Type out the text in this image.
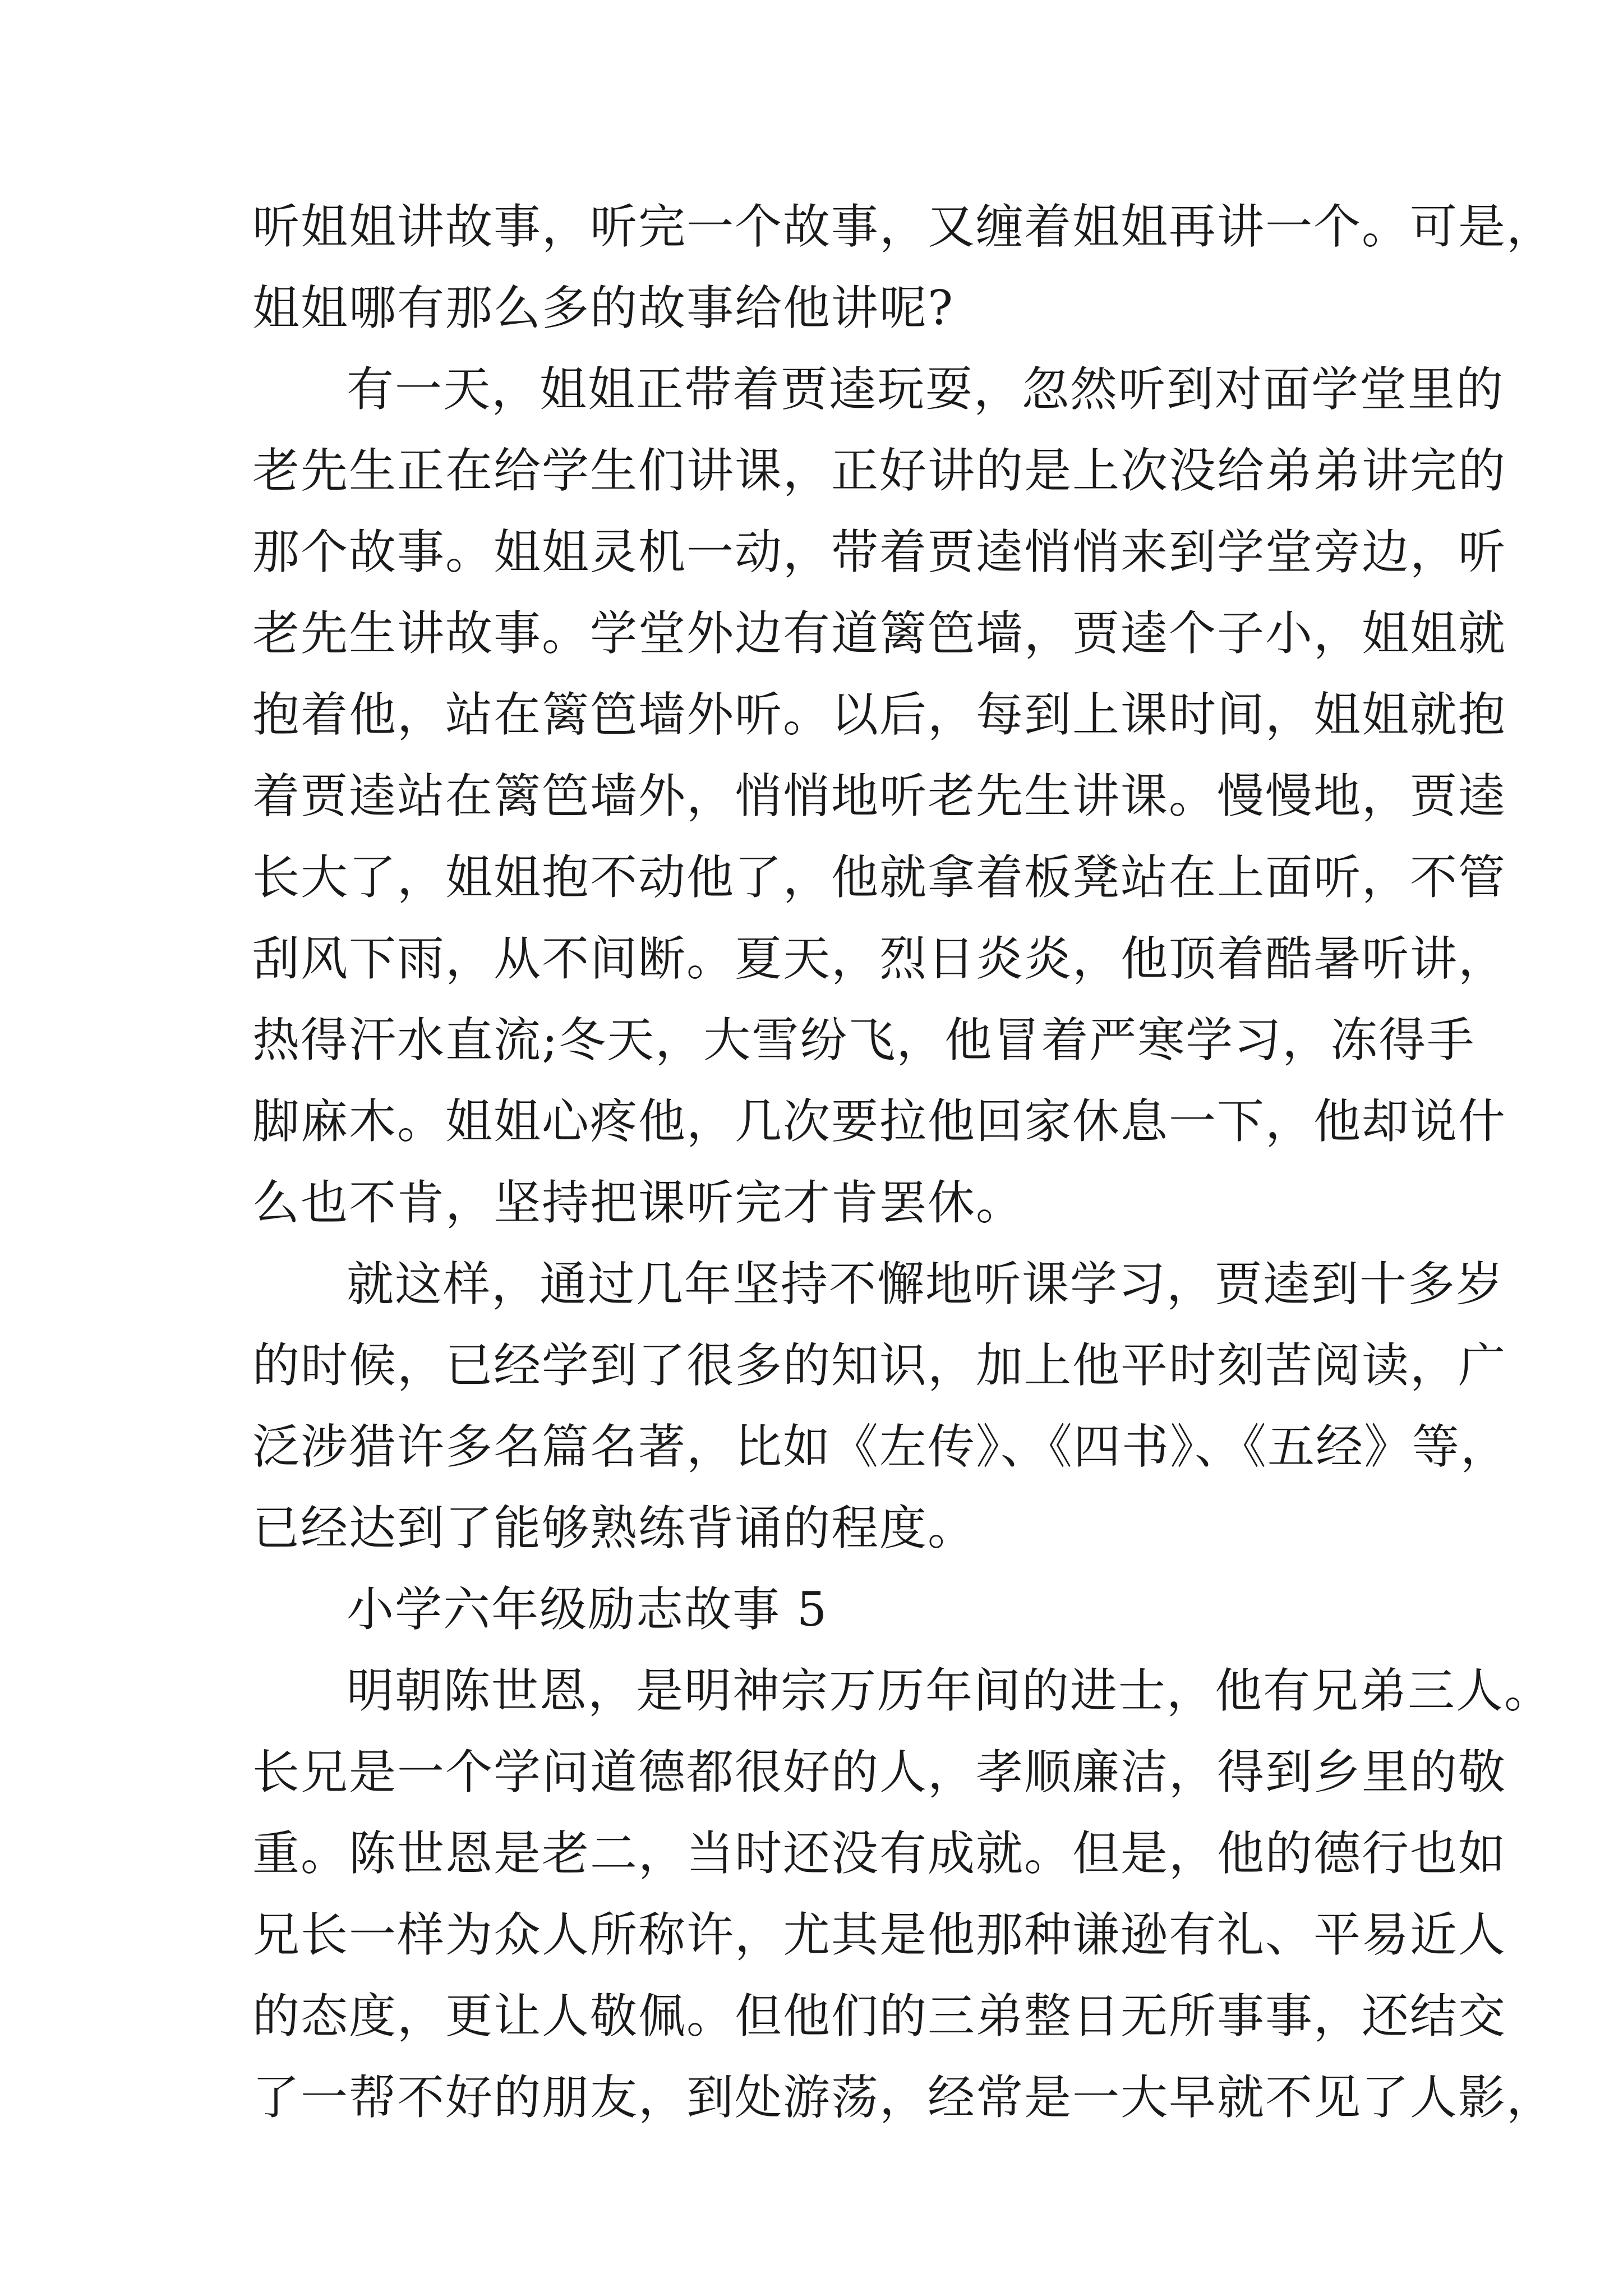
听姐姐讲故事，听完一个故事，又缠着姐姐再讲一个。可是，
姐姐哪有那么多的故事给他讲呢?
有一天，姐姐正带着贾逵玩耍，忽然听到对面学堂里的
老先生正在给学生们讲课，正好讲的是上次没给弟弟讲完的
那个故事。姐姐灵机一动，带着贾逵悄悄来到学堂旁边，听
老先生讲故事。学堂外边有道篱笆墙，贾逵个子小，姐姐就
抱着他，站在篱笆墙外听。以后，每到上课时间，姐姐就抱
着贾逵站在篱笆墙外，悄悄地听老先生讲课。慢慢地，贾逵
长大了，姐姐抱不动他了，他就拿着板凳站在上面听，不管
刮风下雨，从不间断。夏天，烈日炎炎，他顶着酷暑听讲，
热得汗水直流;冬天，大雪纷飞，他冒着严寒学习，冻得手
脚麻木。姐姐心疼他，几次要拉他回家休息一下，他却说什
么也不肯，坚持把课听完才肯罢休。
就这样，通过几年坚持不懈地听课学习，贾逵到十多岁
的时候，已经学到了很多的知识，加上他平时刻苦阅读，广
泛涉猎许多名篇名著，比如《左传》、《四书》、《五经》等，
已经达到了能够熟练背诵的程度。
小学六年级励志故事 5
明朝陈世恩，是明神宗万历年间的进士，他有兄弟三人。
长兄是一个学问道德都很好的人，孝顺廉洁，得到乡里的敬
重。陈世恩是老二，当时还没有成就。但是，他的德行也如
兄长一样为众人所称许，尤其是他那种谦逊有礼、平易近人
的态度，更让人敬佩。但他们的三弟整日无所事事，还结交
了一帮不好的朋友，到处游荡，经常是一大早就不见了人影，
